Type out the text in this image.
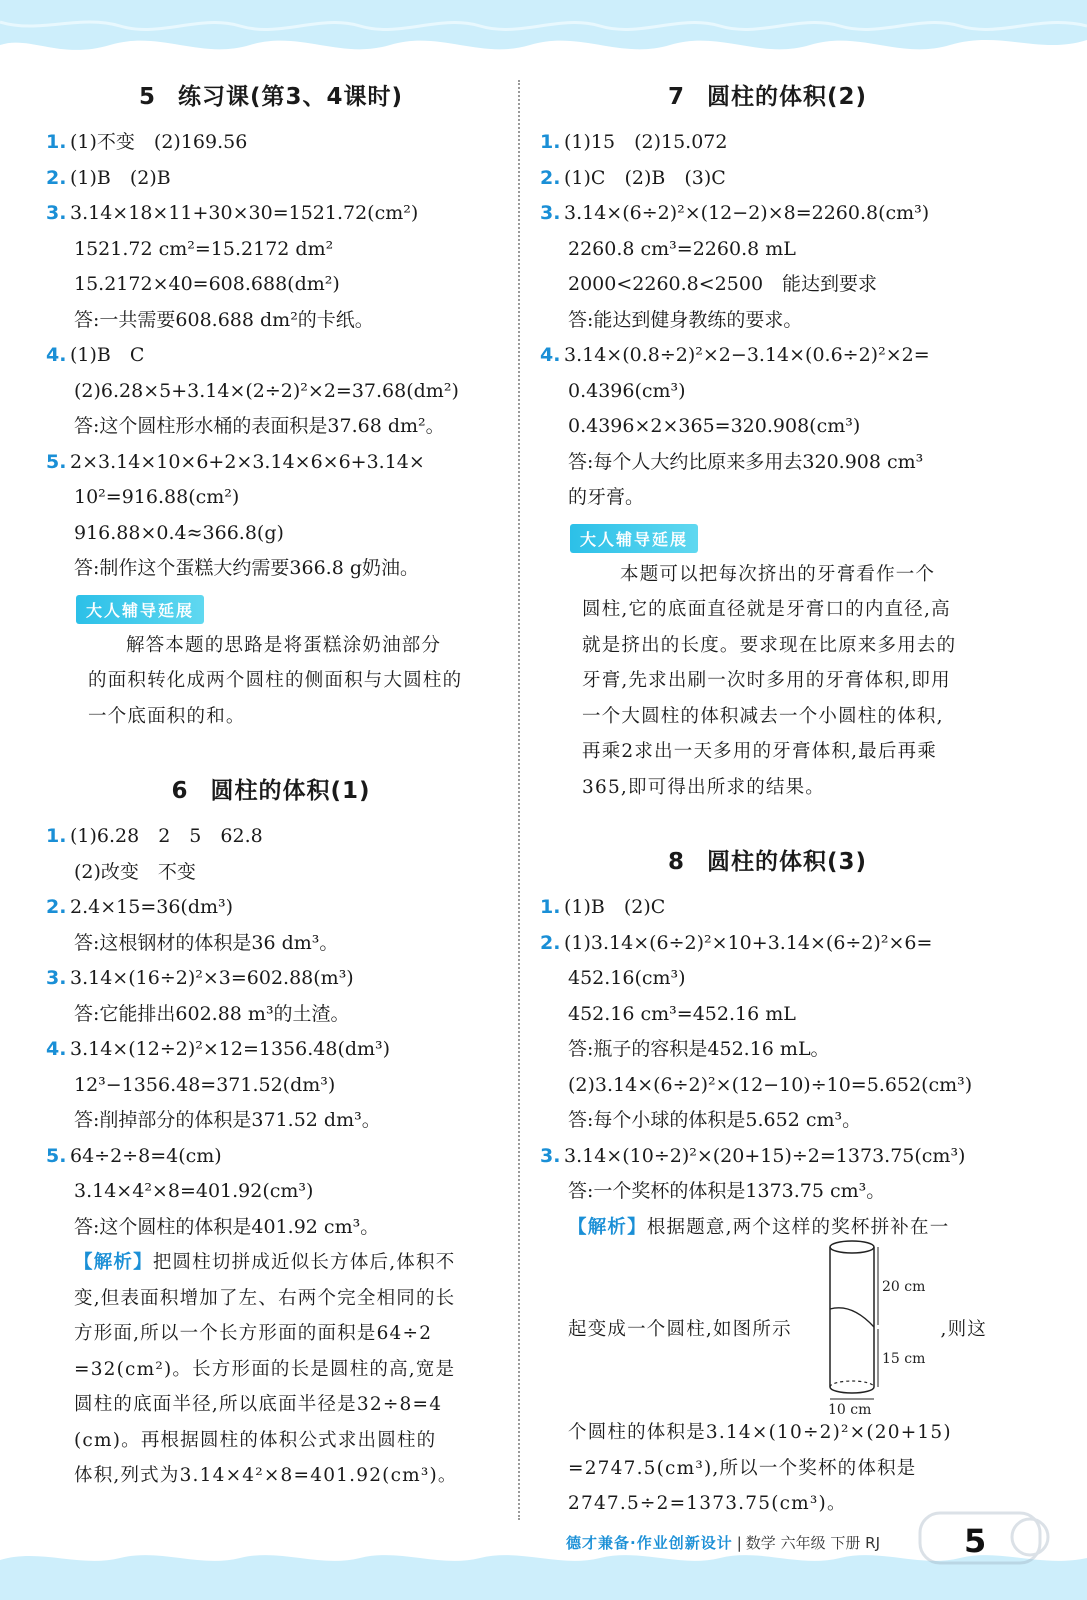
5 练习课(第3、4课时)
1. (1)不变　(2)169.56
2. (1)B　(2)B
3. 3.14×18×11+30×30=1521.72(cm²)
1521.72 cm²=15.2172 dm²
15.2172×40=608.688(dm²)
答:一共需要608.688 dm²的卡纸。
4. (1)B　C
(2)6.28×5+3.14×(2÷2)²×2=37.68(dm²)
答:这个圆柱形水桶的表面积是37.68 dm²。
5. 2×3.14×10×6+2×3.14×6×6+3.14×
10²=916.88(cm²)
916.88×0.4≈366.8(g)
答:制作这个蛋糕大约需要366.8 g奶油。
大人辅导延展
解答本题的思路是将蛋糕涂奶油部分
的面积转化成两个圆柱的侧面积与大圆柱的
一个底面积的和。
6 圆柱的体积(1)
1. (1)6.28　2　5　62.8
(2)改变　不变
2. 2.4×15=36(dm³)
答:这根钢材的体积是36 dm³。
3. 3.14×(16÷2)²×3=602.88(m³)
答:它能排出602.88 m³的土渣。
4. 3.14×(12÷2)²×12=1356.48(dm³)
12³−1356.48=371.52(dm³)
答:削掉部分的体积是371.52 dm³。
5. 64÷2÷8=4(cm)
3.14×4²×8=401.92(cm³)
答:这个圆柱的体积是401.92 cm³。
【解析】把圆柱切拼成近似长方体后,体积不
变,但表面积增加了左、右两个完全相同的长
方形面,所以一个长方形面的面积是64÷2
=32(cm²)。长方形面的长是圆柱的高,宽是
圆柱的底面半径,所以底面半径是32÷8=4
(cm)。再根据圆柱的体积公式求出圆柱的
体积,列式为3.14×4²×8=401.92(cm³)。
7 圆柱的体积(2)
1. (1)15　(2)15.072
2. (1)C　(2)B　(3)C
3. 3.14×(6÷2)²×(12−2)×8=2260.8(cm³)
2260.8 cm³=2260.8 mL
2000<2260.8<2500　能达到要求
答:能达到健身教练的要求。
4. 3.14×(0.8÷2)²×2−3.14×(0.6÷2)²×2=
0.4396(cm³)
0.4396×2×365=320.908(cm³)
答:每个人大约比原来多用去320.908 cm³
的牙膏。
大人辅导延展
本题可以把每次挤出的牙膏看作一个
圆柱,它的底面直径就是牙膏口的内直径,高
就是挤出的长度。要求现在比原来多用去的
牙膏,先求出刷一次时多用的牙膏体积,即用
一个大圆柱的体积减去一个小圆柱的体积,
再乘2求出一天多用的牙膏体积,最后再乘
365,即可得出所求的结果。
8 圆柱的体积(3)
1. (1)B　(2)C
2. (1)3.14×(6÷2)²×10+3.14×(6÷2)²×6=
452.16(cm³)
452.16 cm³=452.16 mL
答:瓶子的容积是452.16 mL。
(2)3.14×(6÷2)²×(12−10)÷10=5.652(cm³)
答:每个小球的体积是5.652 cm³。
3. 3.14×(10÷2)²×(20+15)÷2=1373.75(cm³)
答:一个奖杯的体积是1373.75 cm³。
【解析】根据题意,两个这样的奖杯拼补在一
起变成一个圆柱,如图所示
20 cm
15 cm
10 cm
,则这
个圆柱的体积是3.14×(10÷2)²×(20+15)
=2747.5(cm³),所以一个奖杯的体积是
2747.5÷2=1373.75(cm³)。
德才兼备·作业创新设计 | 数学 六年级 下册 RJ	5
